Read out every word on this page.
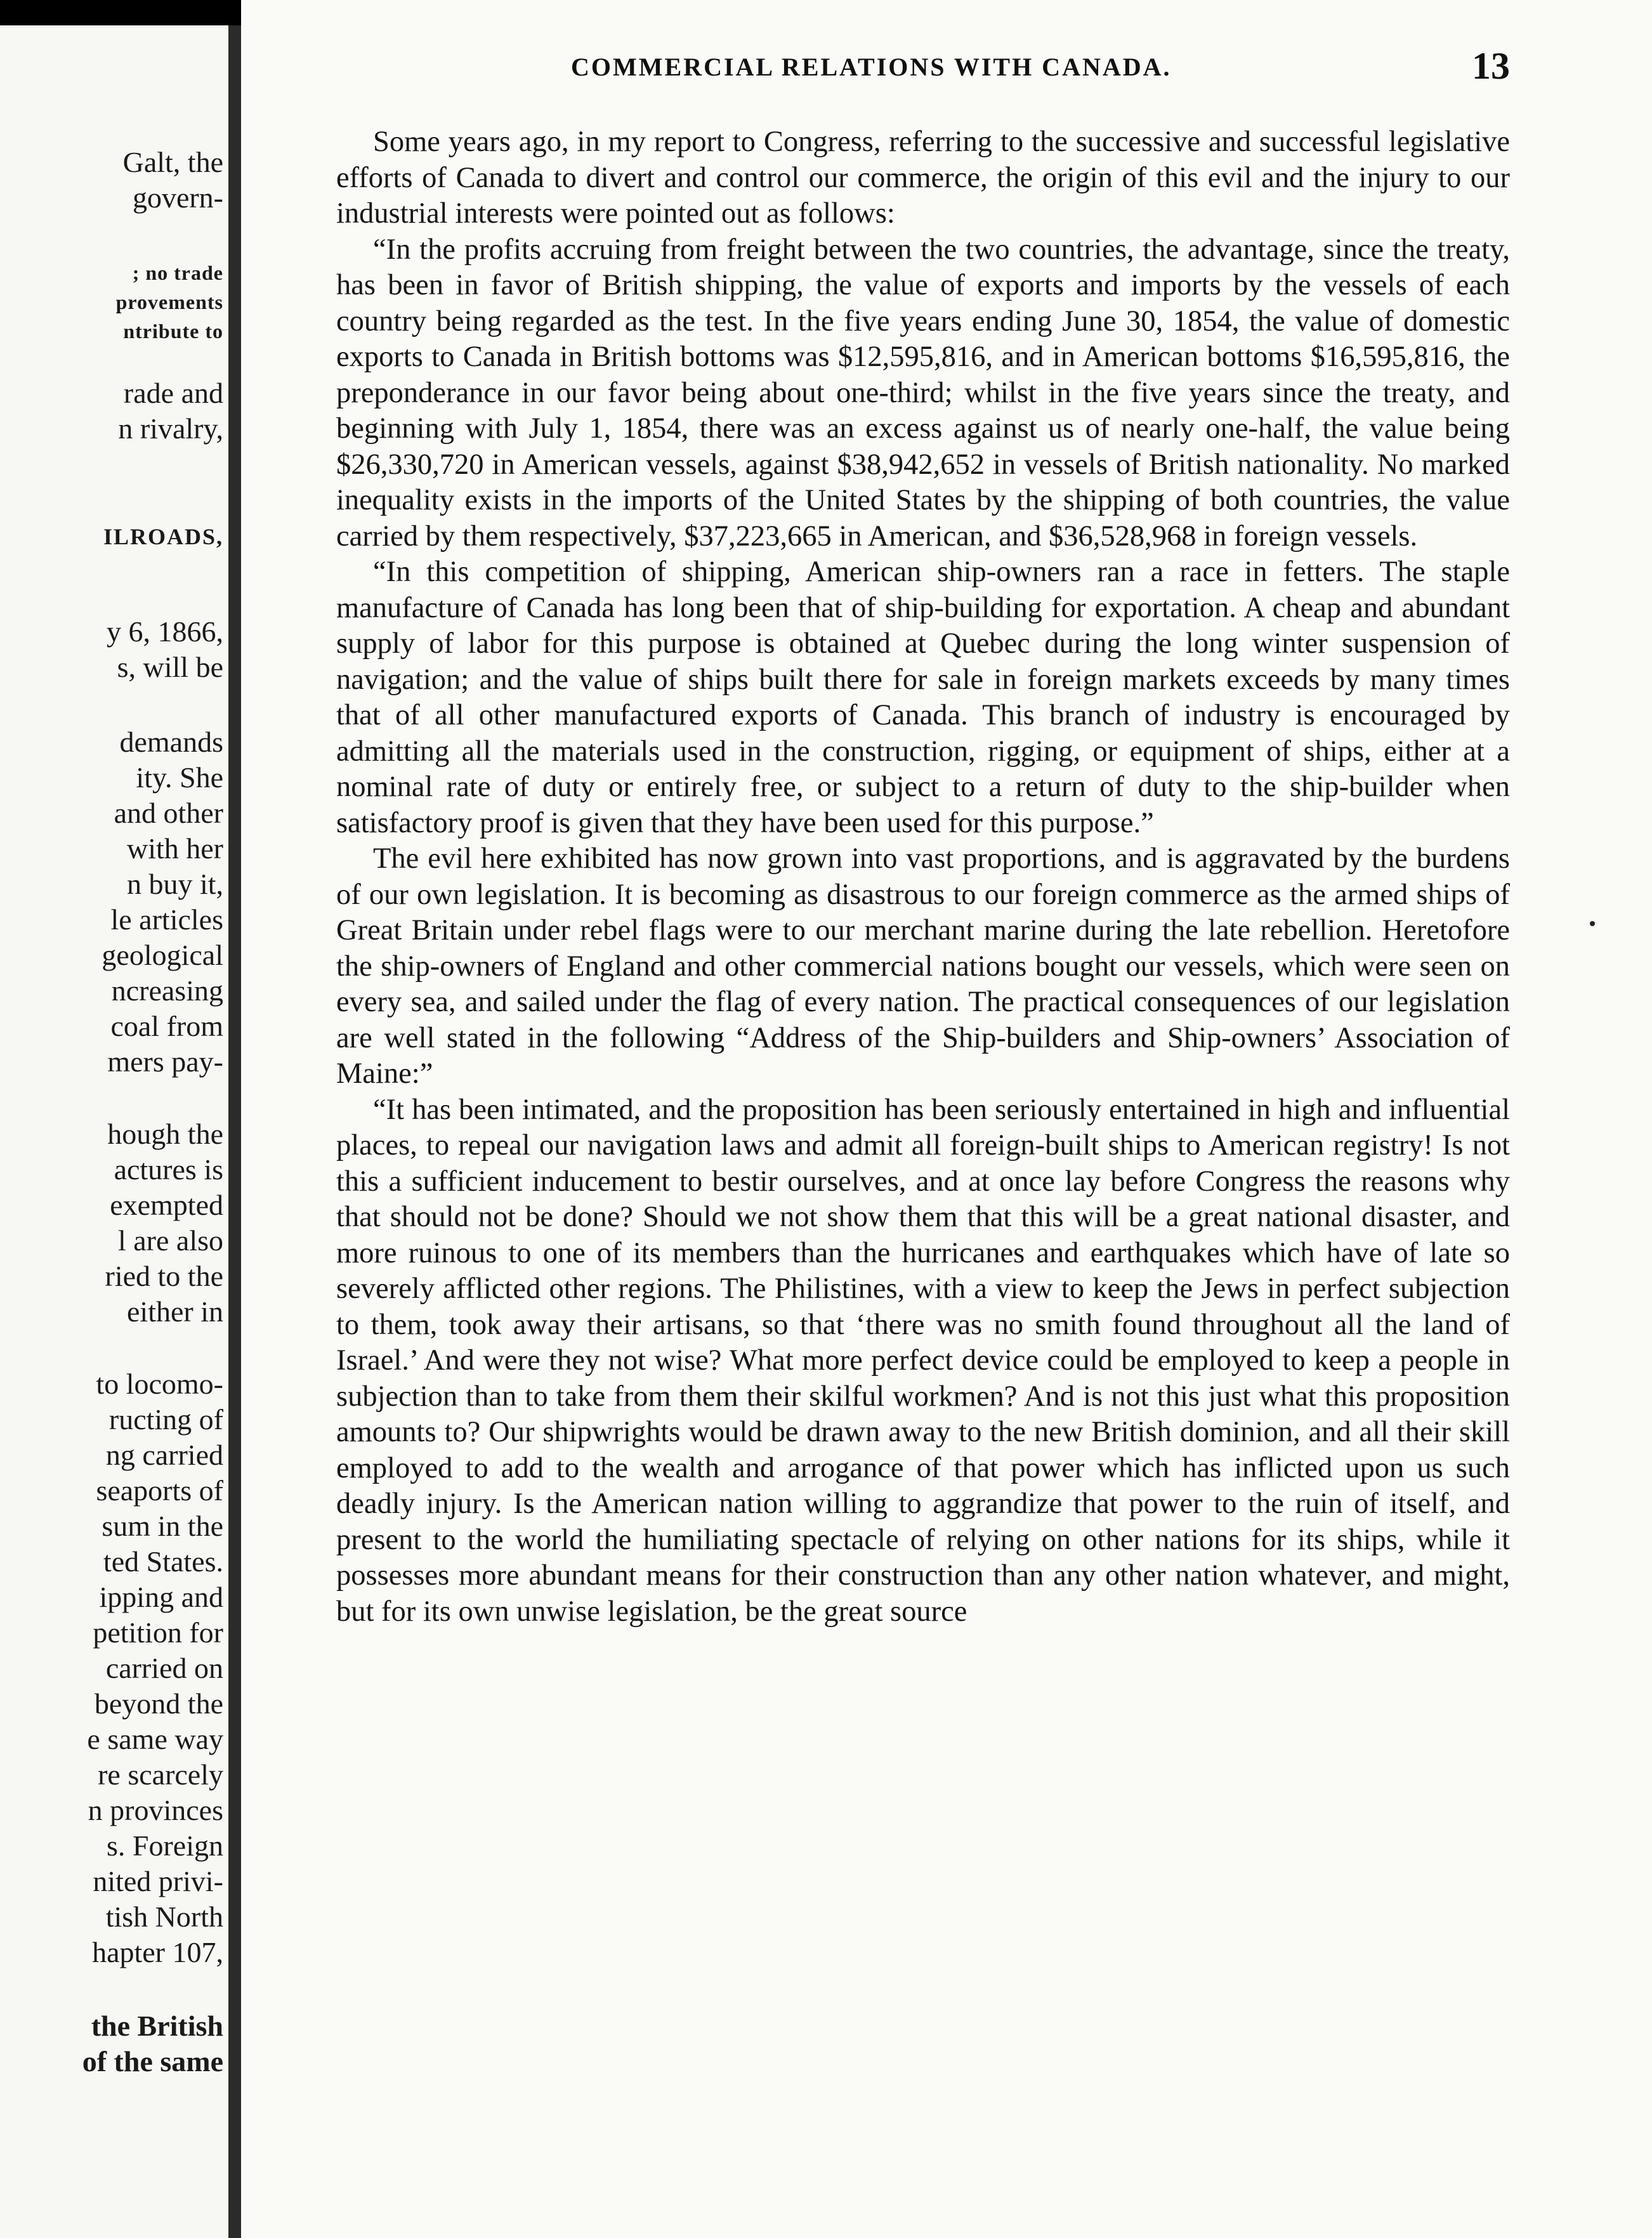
Galt, the
govern-
; no trade
provements
ntribute to
rade and
n rivalry,
ILROADS,
y 6, 1866,
s, will be
demands
ity. She
and other
with her
n buy it,
le articles
geological
ncreasing
coal from
mers pay-
hough the
actures is
exempted
l are also
ried to the
either in
to locomo-
ructing of
ng carried
seaports of
sum in the
ted States.
ipping and
petition for
carried on
beyond the
e same way
re scarcely
n provinces
s. Foreign
nited privi-
tish North
hapter 107,
the British
of the same
COMMERCIAL RELATIONS WITH CANADA.	13

Some years ago, in my report to Congress, referring to the successive and successful legislative efforts of Canada to divert and control our commerce, the origin of this evil and the injury to our industrial interests were pointed out as follows:

“In the profits accruing from freight between the two countries, the advantage, since the treaty, has been in favor of British shipping, the value of exports and imports by the vessels of each country being regarded as the test. In the five years ending June 30, 1854, the value of domestic exports to Canada in British bottoms was $12,595,816, and in American bottoms $16,595,816, the preponderance in our favor being about one-third; whilst in the five years since the treaty, and beginning with July 1, 1854, there was an excess against us of nearly one-half, the value being $26,330,720 in American vessels, against $38,942,652 in vessels of British nationality. No marked inequality exists in the imports of the United States by the shipping of both countries, the value carried by them respectively, $37,223,665 in American, and $36,528,968 in foreign vessels.

“In this competition of shipping, American ship-owners ran a race in fetters. The staple manufacture of Canada has long been that of ship-building for exportation. A cheap and abundant supply of labor for this purpose is obtained at Quebec during the long winter suspension of navigation; and the value of ships built there for sale in foreign markets exceeds by many times that of all other manufactured exports of Canada. This branch of industry is encouraged by admitting all the materials used in the construction, rigging, or equipment of ships, either at a nominal rate of duty or entirely free, or subject to a return of duty to the ship-builder when satisfactory proof is given that they have been used for this purpose.”

The evil here exhibited has now grown into vast proportions, and is aggravated by the burdens of our own legislation. It is becoming as disastrous to our foreign commerce as the armed ships of Great Britain under rebel flags were to our merchant marine during the late rebellion. Heretofore the ship-owners of England and other commercial nations bought our vessels, which were seen on every sea, and sailed under the flag of every nation. The practical consequences of our legislation are well stated in the following “Address of the Ship-builders and Ship-owners’ Association of Maine:”

“It has been intimated, and the proposition has been seriously entertained in high and influential places, to repeal our navigation laws and admit all foreign-built ships to American registry! Is not this a sufficient inducement to bestir ourselves, and at once lay before Congress the reasons why that should not be done? Should we not show them that this will be a great national disaster, and more ruinous to one of its members than the hurricanes and earthquakes which have of late so severely afflicted other regions. The Philistines, with a view to keep the Jews in perfect subjection to them, took away their artisans, so that ‘there was no smith found throughout all the land of Israel.’ And were they not wise? What more perfect device could be employed to keep a people in subjection than to take from them their skilful workmen? And is not this just what this proposition amounts to? Our shipwrights would be drawn away to the new British dominion, and all their skill employed to add to the wealth and arrogance of that power which has inflicted upon us such deadly injury. Is the American nation willing to aggrandize that power to the ruin of itself, and present to the world the humiliating spectacle of relying on other nations for its ships, while it possesses more abundant means for their construction than any other nation whatever, and might, but for its own unwise legislation, be the great source
